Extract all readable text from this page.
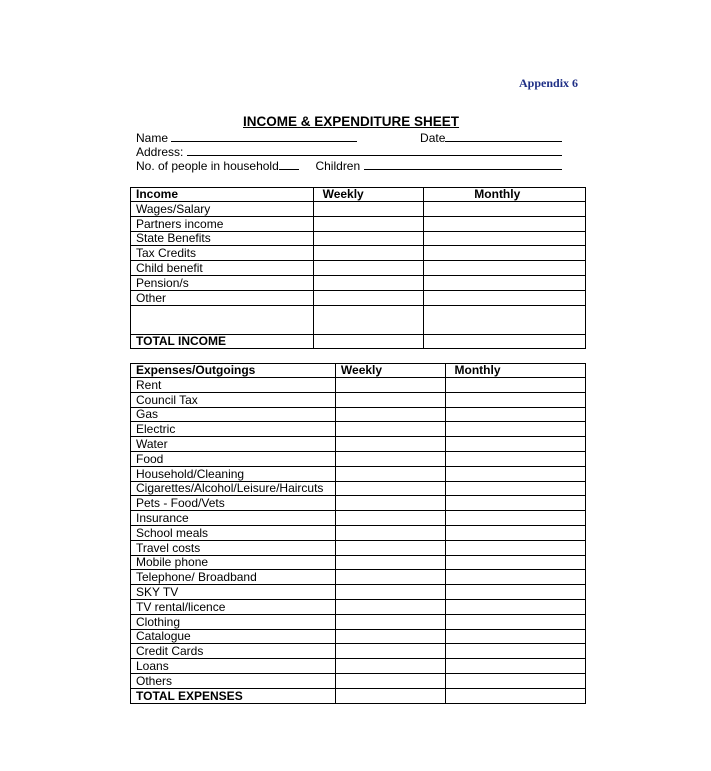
Appendix 6
INCOME & EXPENDITURE SHEET
Name	Date
Address:
No. of people in household	Children
Income	Weekly	Monthly
Wages/Salary		
Partners income		
State Benefits		
Tax Credits		
Child benefit		
Pension/s		
Other		

TOTAL INCOME		
Expenses/Outgoings	Weekly	Monthly
Rent		
Council Tax		
Gas		
Electric		
Water		
Food		
Household/Cleaning		
Cigarettes/Alcohol/Leisure/Haircuts		
Pets - Food/Vets		
Insurance		
School meals		
Travel costs		
Mobile phone		
Telephone/ Broadband		
SKY TV		
TV rental/licence		
Clothing		
Catalogue		
Credit Cards		
Loans		
Others		
TOTAL EXPENSES		
